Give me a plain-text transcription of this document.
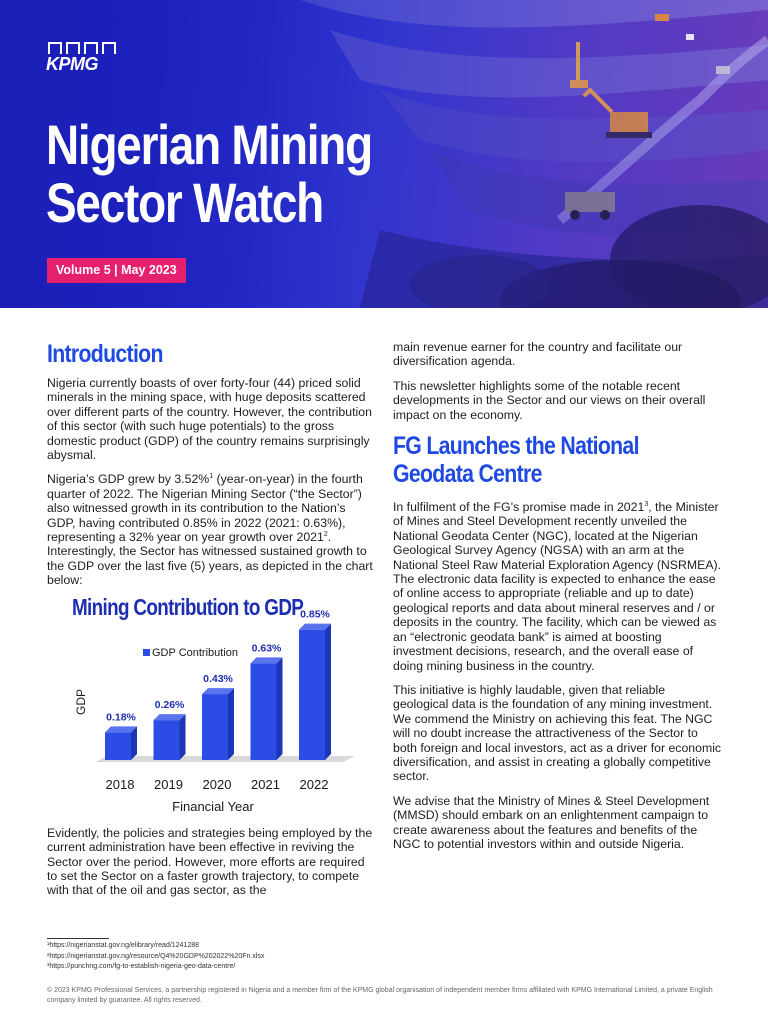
KPMG
Nigerian Mining
Sector Watch
Volume 5 | May 2023
Introduction

Nigeria currently boasts of over forty-four (44) priced solid minerals in the mining space, with huge deposits scattered over different parts of the country. However, the contribution of this sector (with such huge potentials) to the gross domestic product (GDP) of the country remains surprisingly abysmal.

Nigeria’s GDP grew by 3.52%$^1$ (year-on-year) in the fourth quarter of 2022. The Nigerian Mining Sector (“the Sector”) also witnessed growth in its contribution to the Nation’s GDP, having contributed 0.85% in 2022 (2021: 0.63%), representing a 32% year on year growth over 2021$^2$. Interestingly, the Sector has witnessed sustained growth to the GDP over the last five (5) years, as depicted in the chart below:

Mining Contribution to GDP
0.18%
2018
0.26%
2019
0.43%
2020
0.63%
2021
0.85%
2022
GDP Contribution
Financial Year
GDP

Evidently, the policies and strategies being employed by the current administration have been effective in reviving the Sector over the period. However, more efforts are required to set the Sector on a faster growth trajectory, to compete with that of the oil and gas sector, as the

main revenue earner for the country and facilitate our diversification agenda.

This newsletter highlights some of the notable recent developments in the Sector and our views on their overall impact on the economy.

FG Launches the National Geodata Centre

In fulfilment of the FG’s promise made in 2021$^3$, the Minister of Mines and Steel Development recently unveiled the National Geodata Center (NGC), located at the Nigerian Geological Survey Agency (NGSA) with an arm at the National Steel Raw Material Exploration Agency (NSRMEA). The electronic data facility is expected to enhance the ease of online access to appropriate (reliable and up to date) geological reports and data about mineral reserves and / or deposits in the country. The facility, which can be viewed as an “electronic geodata bank” is aimed at boosting investment decisions, research, and the overall ease of doing mining business in the country.

This initiative is highly laudable, given that reliable geological data is the foundation of any mining investment. We commend the Ministry on achieving this feat. The NGC will no doubt increase the attractiveness of the Sector to both foreign and local investors, act as a driver for economic diversification, and assist in creating a globally competitive sector.

We advise that the Ministry of Mines & Steel Development (MMSD) should embark on an enlightenment campaign to create awareness about the features and benefits of the NGC to potential investors within and outside Nigeria.

¹https://nigerianstat.gov.ng/elibrary/read/1241288
²https://nigerianstat.gov.ng/resource/Q4%20GDP%202022%20Fn.xlsx
³https://punchng.com/fg-to-establish-nigeria-geo-data-centre/
© 2023 KPMG Professional Services, a partnership registered in Nigeria and a member firm of the KPMG global organisation of independent member firms affiliated with KPMG International Limited, a private English company limited by guarantee. All rights reserved.
